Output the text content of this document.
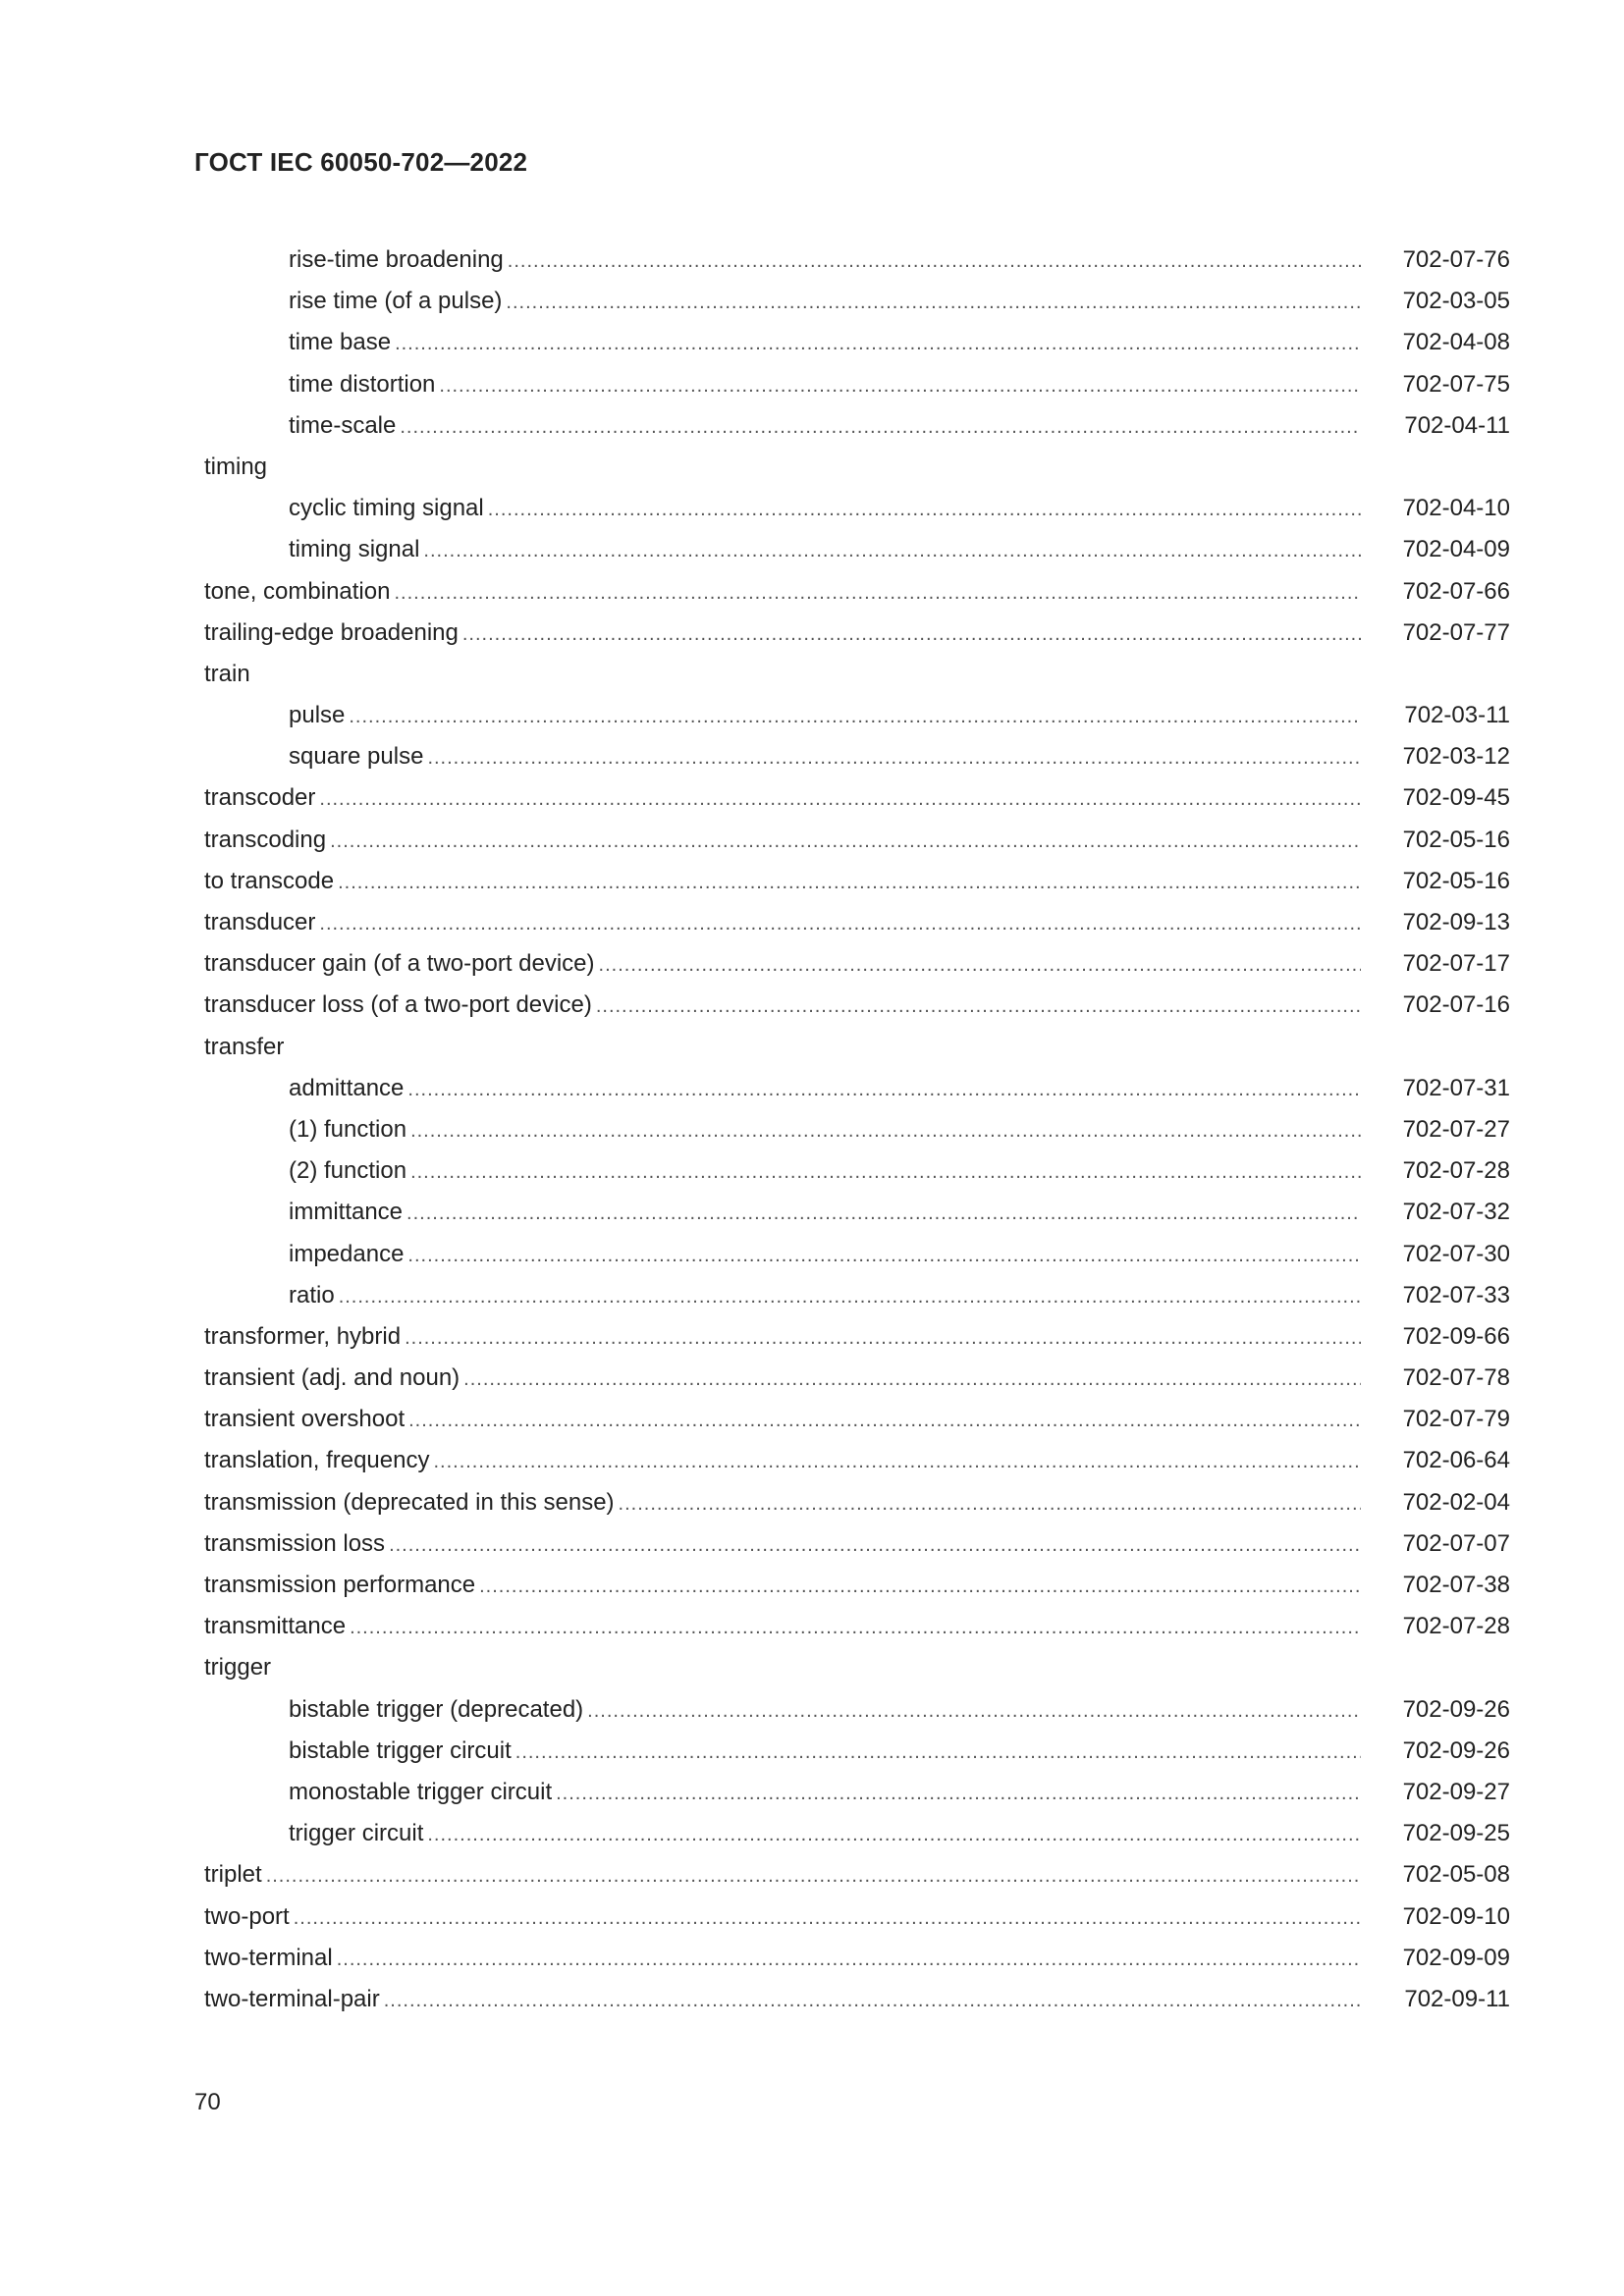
ГОСТ IEC 60050-702—2022
rise-time broadening .....	702-07-76
rise time (of a pulse) .....	702-03-05
time base .....	702-04-08
time distortion .....	702-07-75
time-scale .....	702-04-11
timing
cyclic timing signal .....	702-04-10
timing signal .....	702-04-09
tone, combination .....	702-07-66
trailing-edge broadening .....	702-07-77
train
pulse .....	702-03-11
square pulse .....	702-03-12
transcoder .....	702-09-45
transcoding .....	702-05-16
to transcode .....	702-05-16
transducer .....	702-09-13
transducer gain (of a two-port device) .....	702-07-17
transducer loss (of a two-port device) .....	702-07-16
transfer
admittance .....	702-07-31
(1) function .....	702-07-27
(2) function .....	702-07-28
immittance .....	702-07-32
impedance .....	702-07-30
ratio .....	702-07-33
transformer, hybrid .....	702-09-66
transient (adj. and noun) .....	702-07-78
transient overshoot .....	702-07-79
translation, frequency .....	702-06-64
transmission (deprecated in this sense) .....	702-02-04
transmission loss .....	702-07-07
transmission performance .....	702-07-38
transmittance .....	702-07-28
trigger
bistable trigger (deprecated) .....	702-09-26
bistable trigger circuit .....	702-09-26
monostable trigger circuit .....	702-09-27
trigger circuit .....	702-09-25
triplet .....	702-05-08
two-port .....	702-09-10
two-terminal .....	702-09-09
two-terminal-pair .....	702-09-11
70
